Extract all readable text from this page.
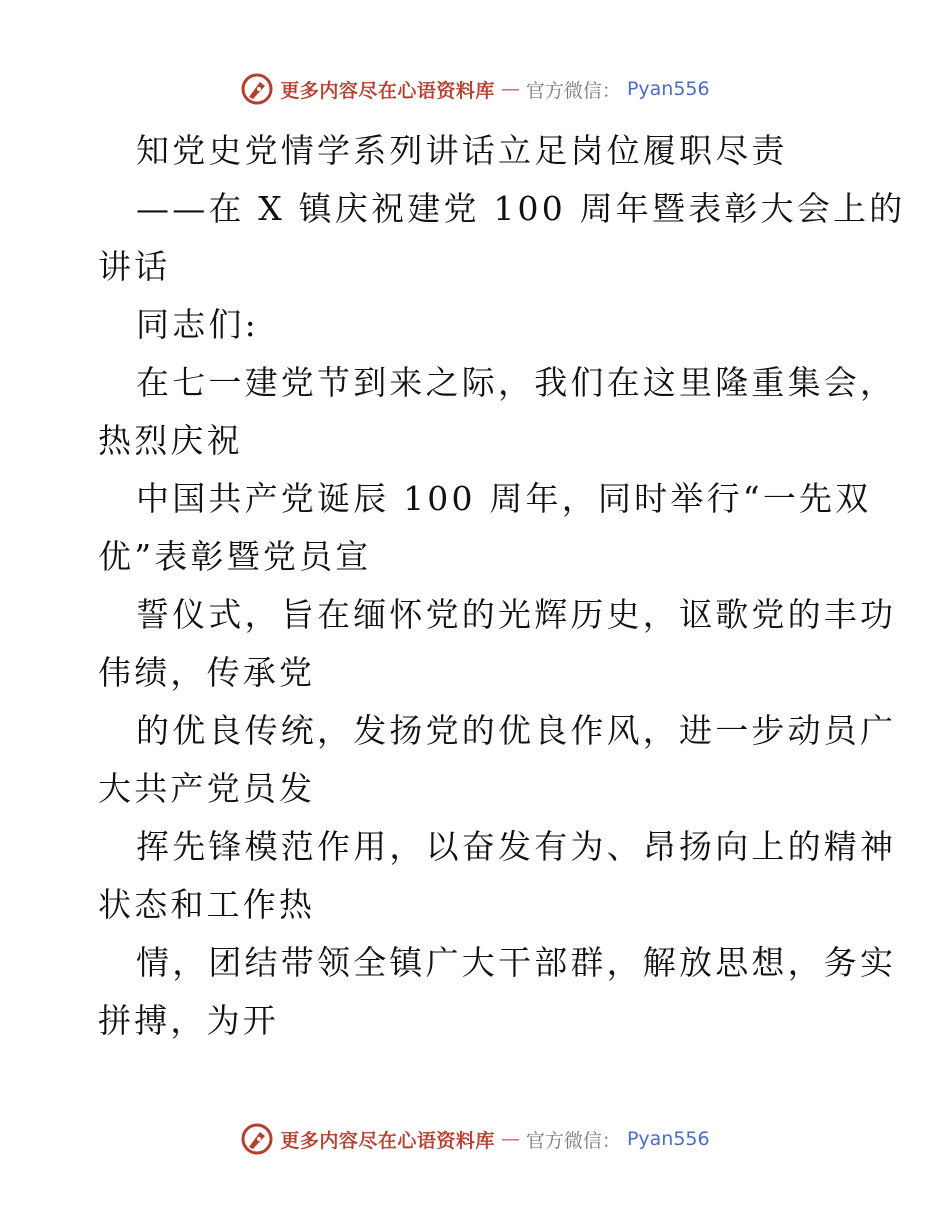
更多内容尽在心语资料库 — 官方微信： Pyan556
知党史党情学系列讲话立足岗位履职尽责
——在 X 镇庆祝建党 100 周年暨表彰大会上的
讲话
同志们:
在七一建党节到来之际，我们在这里隆重集会，
热烈庆祝
中国共产党诞辰 100 周年，同时举行“一先双
优”表彰暨党员宣
誓仪式，旨在缅怀党的光辉历史，讴歌党的丰功
伟绩，传承党
的优良传统，发扬党的优良作风，进一步动员广
大共产党员发
挥先锋模范作用，以奋发有为、昂扬向上的精神
状态和工作热
情，团结带领全镇广大干部群，解放思想，务实
拼搏，为开
更多内容尽在心语资料库 — 官方微信： Pyan556
